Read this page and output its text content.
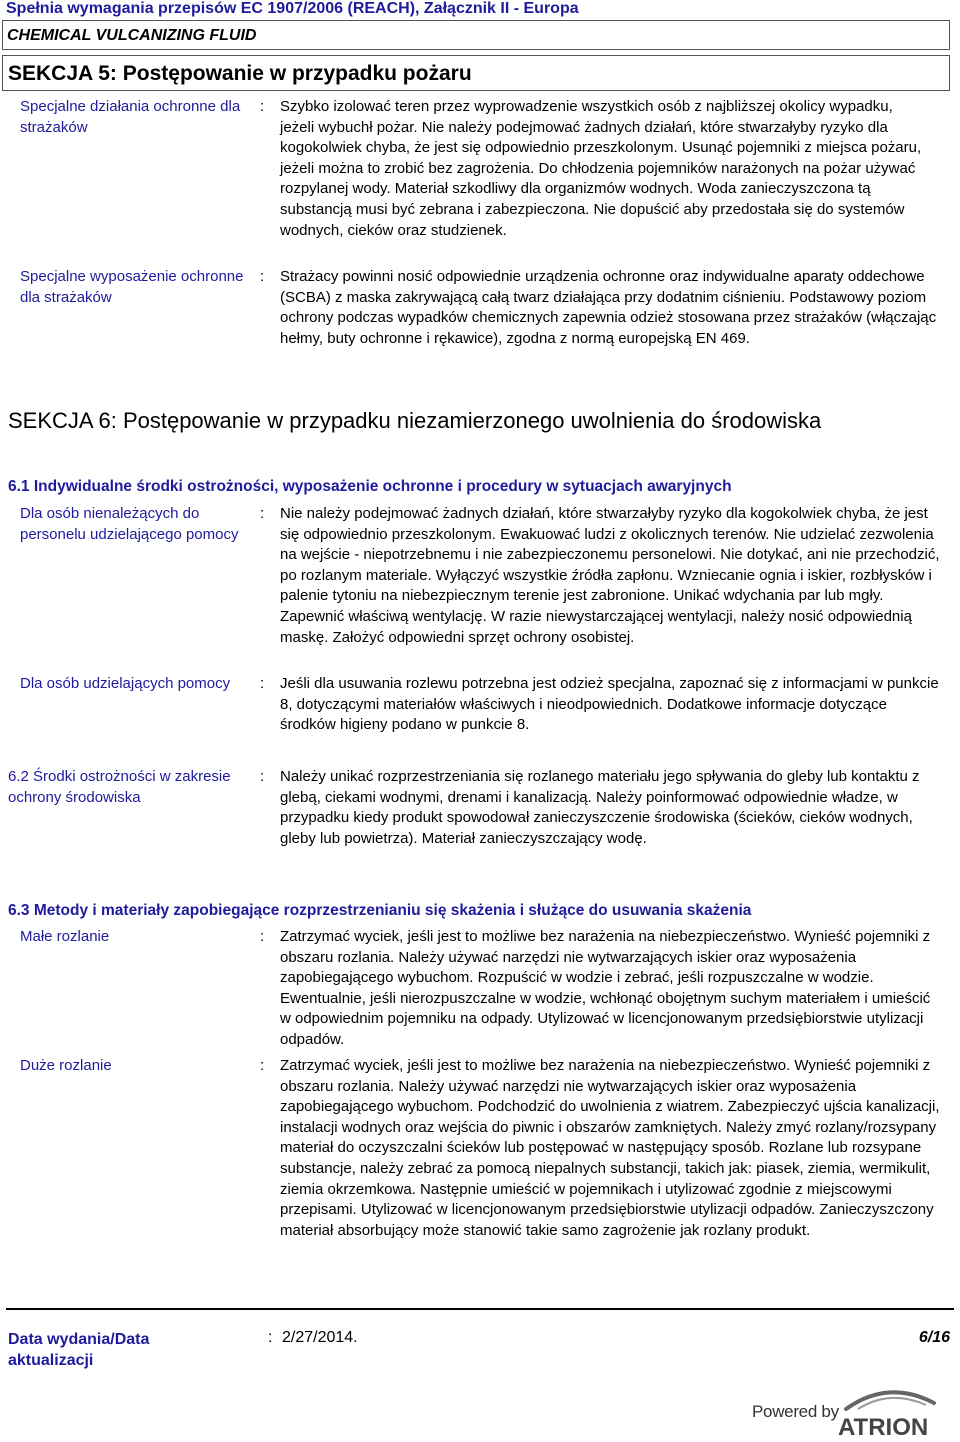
Spełnia wymagania przepisów EC 1907/2006 (REACH), Załącznik II - Europa
CHEMICAL VULCANIZING FLUID
SEKCJA 5: Postępowanie w przypadku pożaru
Specjalne działania ochronne dla strażaków
:	Szybko izolować teren przez wyprowadzenie wszystkich osób z najbliższej okolicy wypadku, jeżeli wybuchł pożar. Nie należy podejmować żadnych działań, które stwarzałyby ryzyko dla kogokolwiek chyba, że jest się odpowiednio przeszkolonym. Usunąć pojemniki z miejsca pożaru, jeżeli można to zrobić bez zagrożenia. Do chłodzenia pojemników narażonych na pożar używać rozpylanej wody. Materiał szkodliwy dla organizmów wodnych. Woda zanieczyszczona tą substancją musi być zebrana i zabezpieczona. Nie dopuścić aby przedostała się do systemów wodnych, cieków oraz studzienek.
Specjalne wyposażenie ochronne dla strażaków
:	Strażacy powinni nosić odpowiednie urządzenia ochronne oraz indywidualne aparaty oddechowe (SCBA) z maska zakrywającą całą twarz działająca przy dodatnim ciśnieniu. Podstawowy poziom ochrony podczas wypadków chemicznych zapewnia odzież stosowana przez strażaków (włączając hełmy, buty ochronne i rękawice), zgodna z normą europejską EN 469.
SEKCJA 6: Postępowanie w przypadku niezamierzonego uwolnienia do środowiska
6.1 Indywidualne środki ostrożności, wyposażenie ochronne i procedury w sytuacjach awaryjnych
Dla osób nienależących do personelu udzielającego pomocy
:	Nie należy podejmować żadnych działań, które stwarzałyby ryzyko dla kogokolwiek chyba, że jest się odpowiednio przeszkolonym. Ewakuować ludzi z okolicznych terenów. Nie udzielać zezwolenia na wejście - niepotrzebnemu i nie zabezpieczonemu personelowi. Nie dotykać, ani nie przechodzić, po rozlanym materiale. Wyłączyć wszystkie źródła zapłonu. Wzniecanie ognia i iskier, rozbłysków i palenie tytoniu na niebezpiecznym terenie jest zabronione. Unikać wdychania par lub mgły. Zapewnić właściwą wentylację. W razie niewystarczającej wentylacji, należy nosić odpowiednią maskę. Założyć odpowiedni sprzęt ochrony osobistej.
Dla osób udzielających pomocy	:	Jeśli dla usuwania rozlewu potrzebna jest odzież specjalna, zapoznać się z informacjami w punkcie 8, dotyczącymi materiałów właściwych i nieodpowiednich. Dodatkowe informacje dotyczące środków higieny podano w punkcie 8.
6.2 Środki ostrożności w zakresie ochrony środowiska
:	Należy unikać rozprzestrzeniania się rozlanego materiału jego spływania do gleby lub kontaktu z glebą, ciekami wodnymi, drenami i kanalizacją. Należy poinformować odpowiednie władze, w przypadku kiedy produkt spowodował zanieczyszczenie środowiska (ścieków, cieków wodnych, gleby lub powietrza). Materiał zanieczyszczający wodę.
6.3 Metody i materiały zapobiegające rozprzestrzenianiu się skażenia i służące do usuwania skażenia
Małe rozlanie	:	Zatrzymać wyciek, jeśli jest to możliwe bez narażenia na niebezpieczeństwo. Wynieść pojemniki z obszaru rozlania. Należy używać narzędzi nie wytwarzających iskier oraz wyposażenia zapobiegającego wybuchom. Rozpuścić w wodzie i zebrać, jeśli rozpuszczalne w wodzie. Ewentualnie, jeśli nierozpuszczalne w wodzie, wchłonąć obojętnym suchym materiałem i umieścić w odpowiednim pojemniku na odpady. Utylizować w licencjonowanym przedsiębiorstwie utylizacji odpadów.
Duże rozlanie	:	Zatrzymać wyciek, jeśli jest to możliwe bez narażenia na niebezpieczeństwo. Wynieść pojemniki z obszaru rozlania. Należy używać narzędzi nie wytwarzających iskier oraz wyposażenia zapobiegającego wybuchom. Podchodzić do uwolnienia z wiatrem. Zabezpieczyć ujścia kanalizacji, instalacji wodnych oraz wejścia do piwnic i obszarów zamkniętych. Należy zmyć rozlany/rozsypany materiał do oczyszczalni ścieków lub postępować w następujący sposób. Rozlane lub rozsypane substancje, należy zebrać za pomocą niepalnych substancji, takich jak: piasek, ziemia, wermikulit, ziemia okrzemkowa. Następnie umieścić w pojemnikach i utylizować zgodnie z miejscowymi przepisami. Utylizować w licencjonowanym przedsiębiorstwie utylizacji odpadów. Zanieczyszczony materiał absorbujący może stanowić takie samo zagrożenie jak rozlany produkt.
Data wydania/Data aktualizacji
: 2/27/2014.	6/16
Powered by
ATRION
